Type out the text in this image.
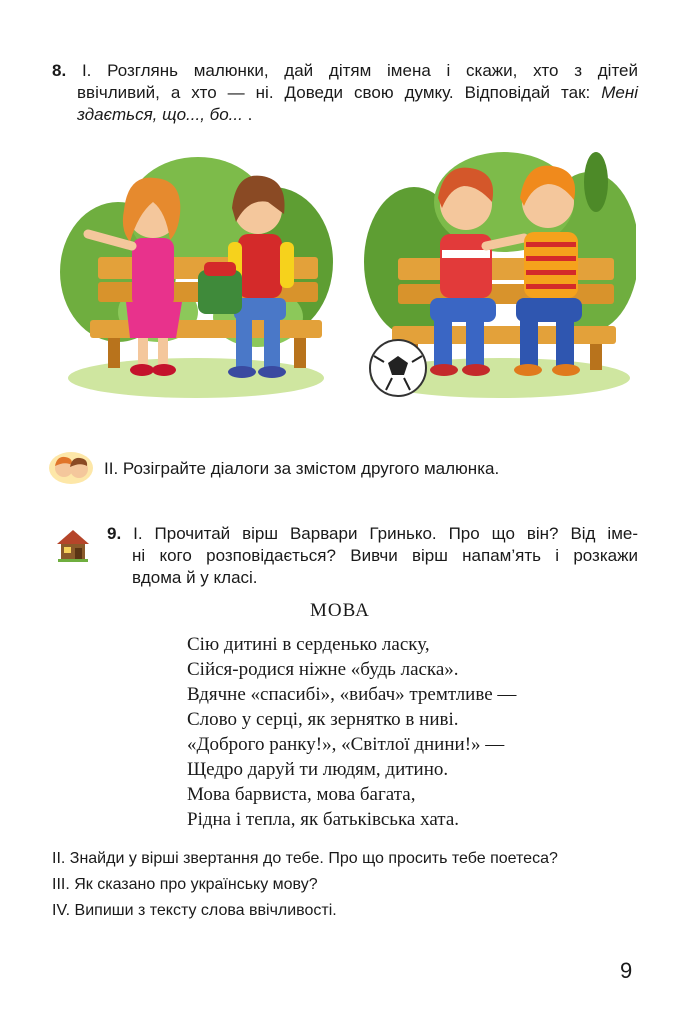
8. І. Розглянь малюнки, дай дітям імена і скажи, хто з дітей
ввічливий, а хто — ні. Доведи свою думку. Відповідай так: Мені
здається, що..., бо... .
ІІ. Розіграйте діалоги за змістом другого малюнка.
9. І. Прочитай вірш Варвари Гринько. Про що він? Від іме-
ні кого розповідається? Вивчи вірш напам’ять і розкажи
вдома й у класі.
МОВА
Сію дитині в серденько ласку,
Сійся-родися ніжне «будь ласка».
Вдячне «спасибі», «вибач» тремтливе —
Слово у серці, як зернятко в ниві.
«Доброго ранку!», «Світлої днини!» —
Щедро даруй ти людям, дитино.
Мова барвиста, мова багата,
Рідна і тепла, як батьківська хата.
ІІ. Знайди у вірші звертання до тебе. Про що просить тебе поетеса?
ІІІ. Як сказано про українську мову?
IV. Випиши з тексту слова ввічливості.
9
